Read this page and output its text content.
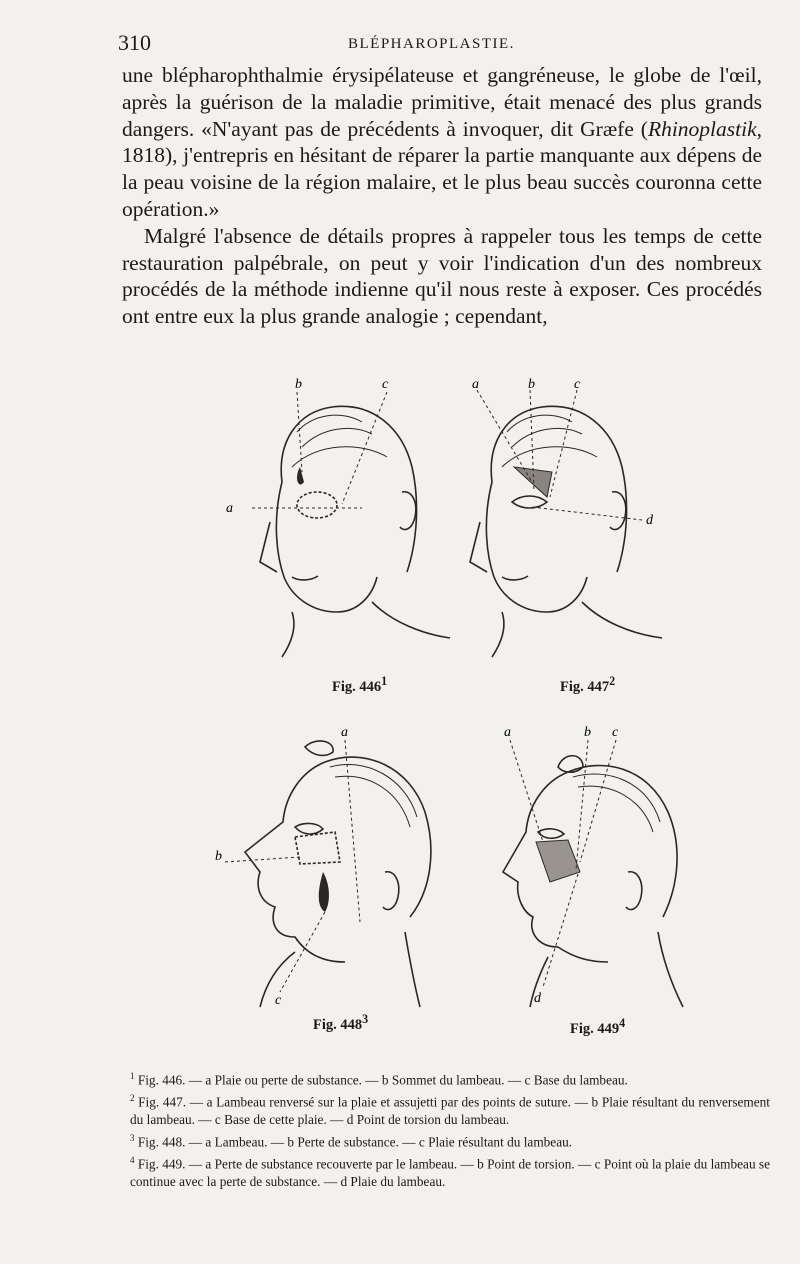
310	BLÉPHAROPLASTIE.

une blépharophthalmie érysipélateuse et gangréneuse, le globe de l'œil, après la guérison de la maladie primitive, était menacé des plus grands dangers. «N'ayant pas de précédents à invoquer, dit Græfe (Rhinoplastik, 1818), j'entrepris en hésitant de réparer la partie manquante aux dépens de la peau voisine de la région malaire, et le plus beau succès couronna cette opération.»

Malgré l'absence de détails propres à rappeler tous les temps de cette restauration palpébrale, on peut y voir l'indication d'un des nombreux procédés de la méthode indienne qu'il nous reste à exposer. Ces procédés ont entre eux la plus grande analogie ; cependant,

a
b	c
Fig. $446^1$
a	b	c
d
Fig. $447^2$
a
b
c
Fig. $448^3$
a	b c
d
Fig. $449^4$

$^1$ Fig. 446. — a Plaie ou perte de substance. — b Sommet du lambeau. — c Base du lambeau.

$^2$ Fig. 447. — a Lambeau renversé sur la plaie et assujetti par des points de suture. — b Plaie résultant du renversement du lambeau. — c Base de cette plaie. — d Point de torsion du lambeau.

$^3$ Fig. 448. — a Lambeau. — b Perte de substance. — c Plaie résultant du lambeau.

$^4$ Fig. 449. — a Perte de substance recouverte par le lambeau. — b Point de torsion. — c Point où la plaie du lambeau se continue avec la perte de substance. — d Plaie du lambeau.
